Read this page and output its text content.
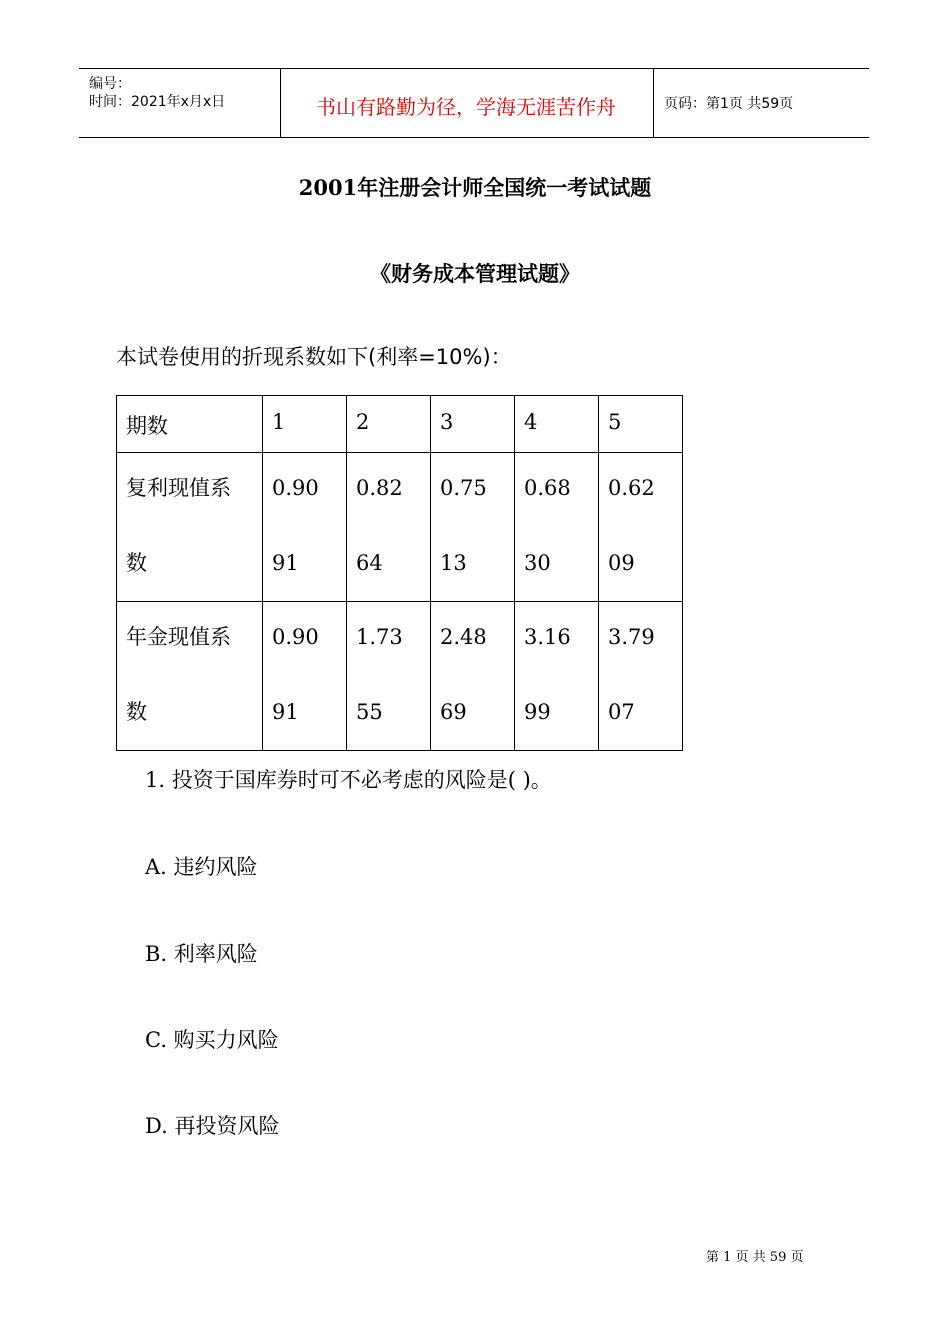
编号：
时间：2021年x月x日	书山有路勤为径，学海无涯苦作舟	页码：第1页 共59页
2001年注册会计师全国统一考试试题
《财务成本管理试题》
本试卷使用的折现系数如下(利率=10%)：
期数	1	2	3	4	5

复利现值系数	0.9091	0.8264	0.7513	0.6830	0.6209

年金现值系数	0.9091	1.7355	2.4869	3.1699	3.7907
1. 投资于国库券时可不必考虑的风险是( )。
A. 违约风险
B. 利率风险
C. 购买力风险
D. 再投资风险
第 1 页 共 59 页
